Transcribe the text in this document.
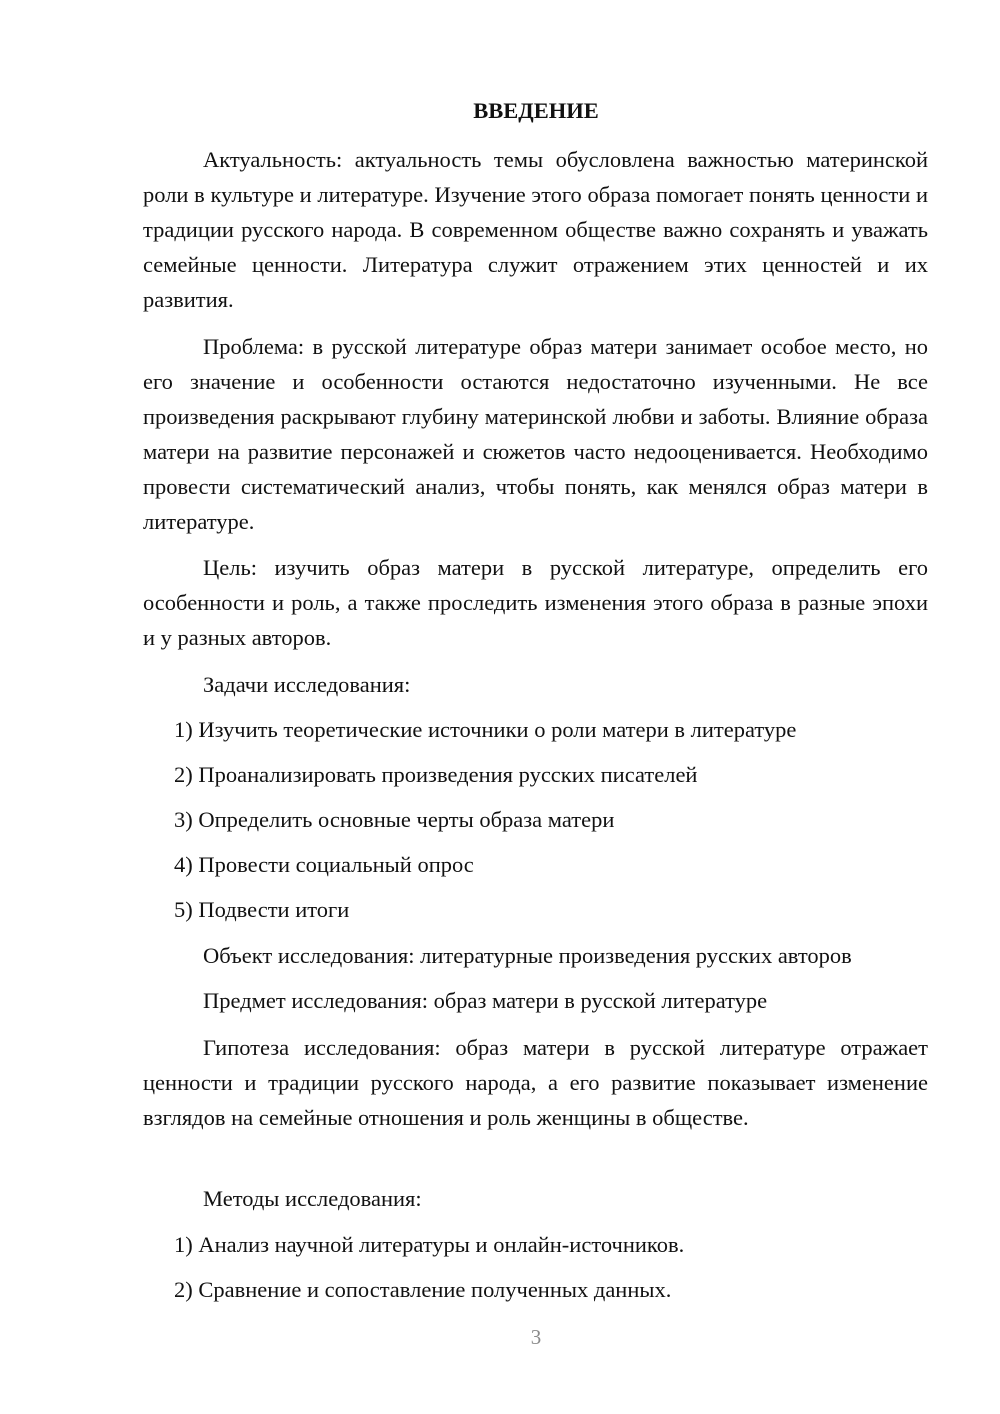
ВВЕДЕНИЕ

Актуальность: актуальность темы обусловлена важностью материнской роли в культуре и литературе. Изучение этого образа помогает понять ценности и традиции русского народа. В современном обществе важно сохранять и уважать семейные ценности. Литература служит отражением этих ценностей и их развития.

Проблема: в русской литературе образ матери занимает особое место, но его значение и особенности остаются недостаточно изученными. Не все произведения раскрывают глубину материнской любви и заботы. Влияние образа матери на развитие персонажей и сюжетов часто недооценивается. Необходимо провести систематический анализ, чтобы понять, как менялся образ матери в литературе.

Цель: изучить образ матери в русской литературе, определить его особенности и роль, а также проследить изменения этого образа в разные эпохи и у разных авторов.

Задачи исследования:

1) Изучить теоретические источники о роли матери в литературе

2) Проанализировать произведения русских писателей

3) Определить основные черты образа матери

4) Провести социальный опрос

5) Подвести итоги

Объект исследования: литературные произведения русских авторов

Предмет исследования: образ матери в русской литературе

Гипотеза исследования: образ матери в русской литературе отражает ценности и традиции русского народа, а его развитие показывает изменение взглядов на семейные отношения и роль женщины в обществе.

Методы исследования:

1) Анализ научной литературы и онлайн-источников.

2) Сравнение и сопоставление полученных данных.

3
